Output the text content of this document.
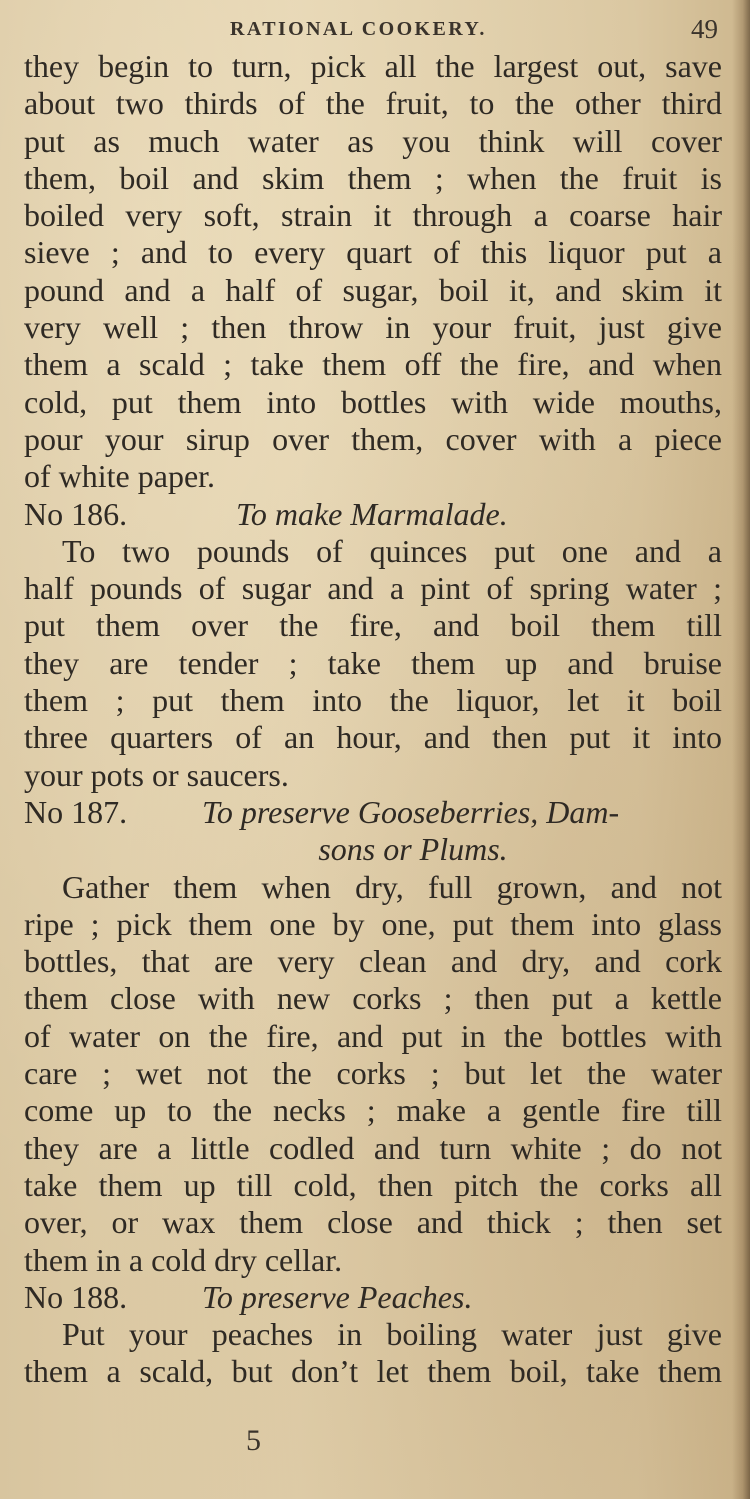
RATIONAL COOKERY.	49
they begin to turn, pick all the largest out, save
about two thirds of the fruit, to the other third
put as much water as you think will cover
them, boil and skim them ; when the fruit is
boiled very soft, strain it through a coarse hair
sieve ; and to every quart of this liquor put a
pound and a half of sugar, boil it, and skim it
very well ; then throw in your fruit, just give
them a scald ; take them off the fire, and when
cold, put them into bottles with wide mouths,
pour your sirup over them, cover with a piece
of white paper.
No 186.	To make Marmalade.
To two pounds of quinces put one and a
half pounds of sugar and a pint of spring water ;
put them over the fire, and boil them till
they are tender ; take them up and bruise
them ; put them into the liquor, let it boil
three quarters of an hour, and then put it into
your pots or saucers.
No 187. To preserve Gooseberries, Dam-
sons or Plums.
Gather them when dry, full grown, and not
ripe ; pick them one by one, put them into glass
bottles, that are very clean and dry, and cork
them close with new corks ; then put a kettle
of water on the fire, and put in the bottles with
care ; wet not the corks ; but let the water
come up to the necks ; make a gentle fire till
they are a little codled and turn white ; do not
take them up till cold, then pitch the corks all
over, or wax them close and thick ; then set
them in a cold dry cellar.
No 188. To preserve Peaches.
Put your peaches in boiling water just give
them a scald, but don’t let them boil, take them
5
